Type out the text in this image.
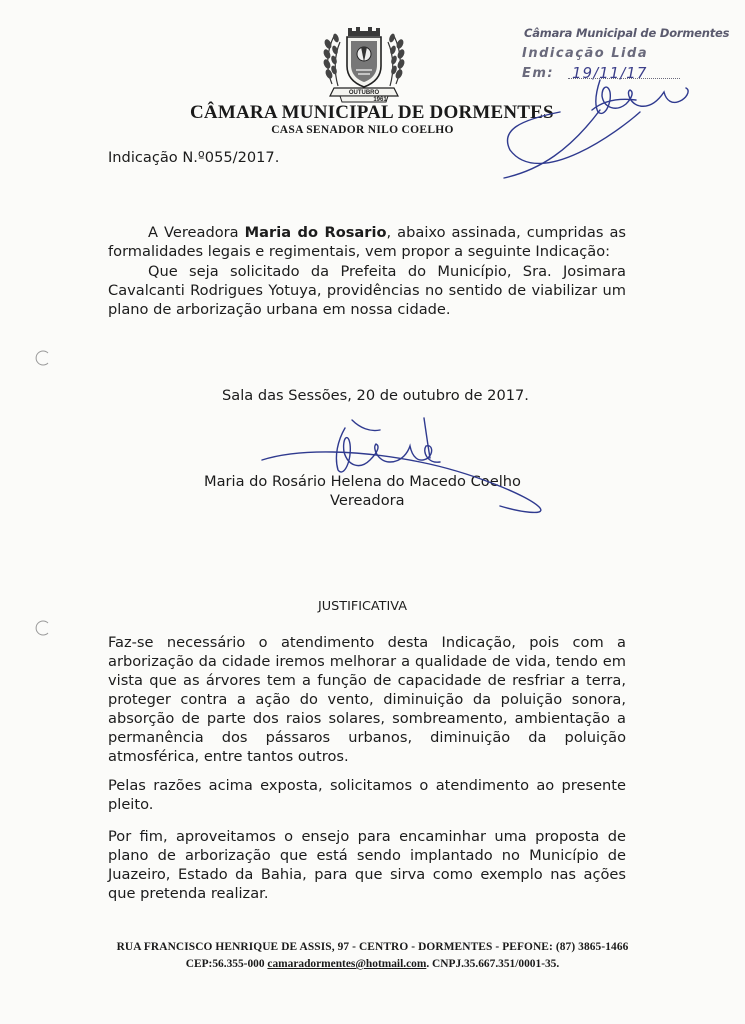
OUTUBRO
1961
CÂMARA MUNICIPAL DE DORMENTES
CASA SENADOR NILO COELHO
Câmara Municipal de Dormentes
Indicação Lida
Em: 19/11/17
Indicação N.º055/2017.
A Vereadora Maria do Rosario, abaixo assinada, cumpridas as formalidades legais e regimentais, vem propor a seguinte Indicação:
Que seja solicitado da Prefeita do Município, Sra. Josimara Cavalcanti Rodrigues Yotuya, providências no sentido de viabilizar um plano de arborização urbana em nossa cidade.
Sala das Sessões, 20 de outubro de 2017.
Maria do Rosário Helena do Macedo Coelho
Vereadora
JUSTIFICATIVA
Faz-se necessário o atendimento desta Indicação, pois com a arborização da cidade iremos melhorar a qualidade de vida, tendo em vista que as árvores tem a função de capacidade de resfriar a terra, proteger contra a ação do vento, diminuição da poluição sonora, absorção de parte dos raios solares, sombreamento, ambientação a permanência dos pássaros urbanos, diminuição da poluição atmosférica, entre tantos outros.
Pelas razões acima exposta, solicitamos o atendimento ao presente pleito.
Por fim, aproveitamos o ensejo para encaminhar uma proposta de plano de arborização que está sendo implantado no Município de Juazeiro, Estado da Bahia, para que sirva como exemplo nas ações que pretenda realizar.
RUA FRANCISCO HENRIQUE DE ASSIS, 97 - CENTRO - DORMENTES - PEFONE: (87) 3865-1466
CEP:56.355-000 camaradormentes@hotmail.com. CNPJ.35.667.351/0001-35.
